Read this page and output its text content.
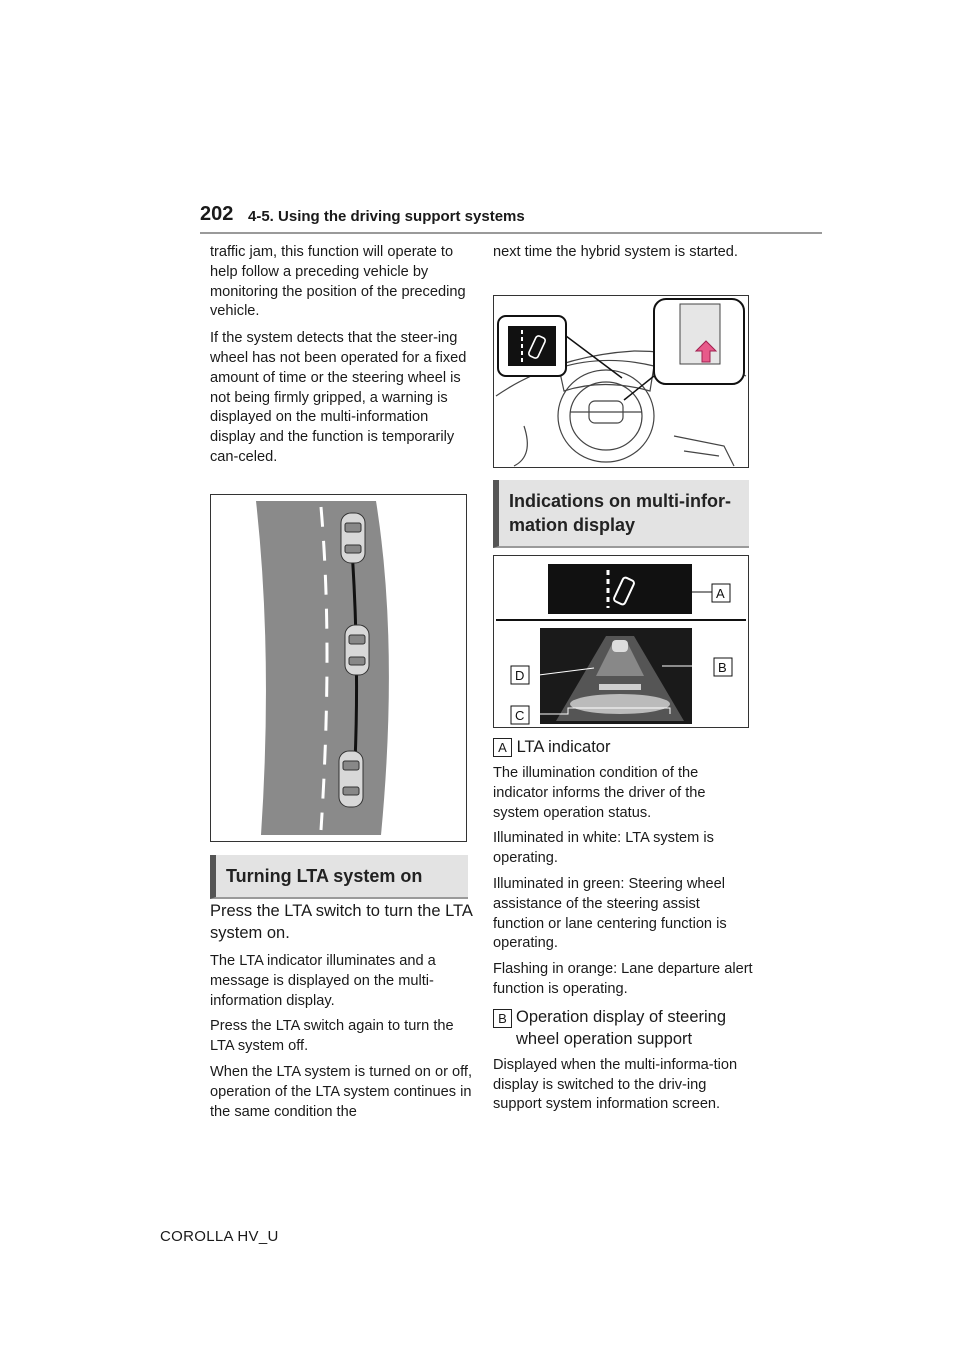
202 4-5. Using the driving support systems

traffic jam, this function will operate to help follow a preceding vehicle by monitoring the position of the preceding vehicle.

If the system detects that the steer-ing wheel has not been operated for a fixed amount of time or the steering wheel is not being firmly gripped, a warning is displayed on the multi-information display and the function is temporarily can-celed.

Turning LTA system on

Press the LTA switch to turn the LTA system on.

The LTA indicator illuminates and a message is displayed on the multi-information display.

Press the LTA switch again to turn the LTA system off.

When the LTA system is turned on or off, operation of the LTA system continues in the same condition the

next time the hybrid system is started.

Indications on multi-infor-mation display
A
B
C
D
A LTA indicator

The illumination condition of the indicator informs the driver of the system operation status.

Illuminated in white: LTA system is operating.

Illuminated in green: Steering wheel assistance of the steering assist function or lane centering function is operating.

Flashing in orange: Lane departure alert function is operating.

B Operation display of steering wheel operation support

Displayed when the multi-informa-tion display is switched to the driv-ing support system information screen.

COROLLA HV_U
